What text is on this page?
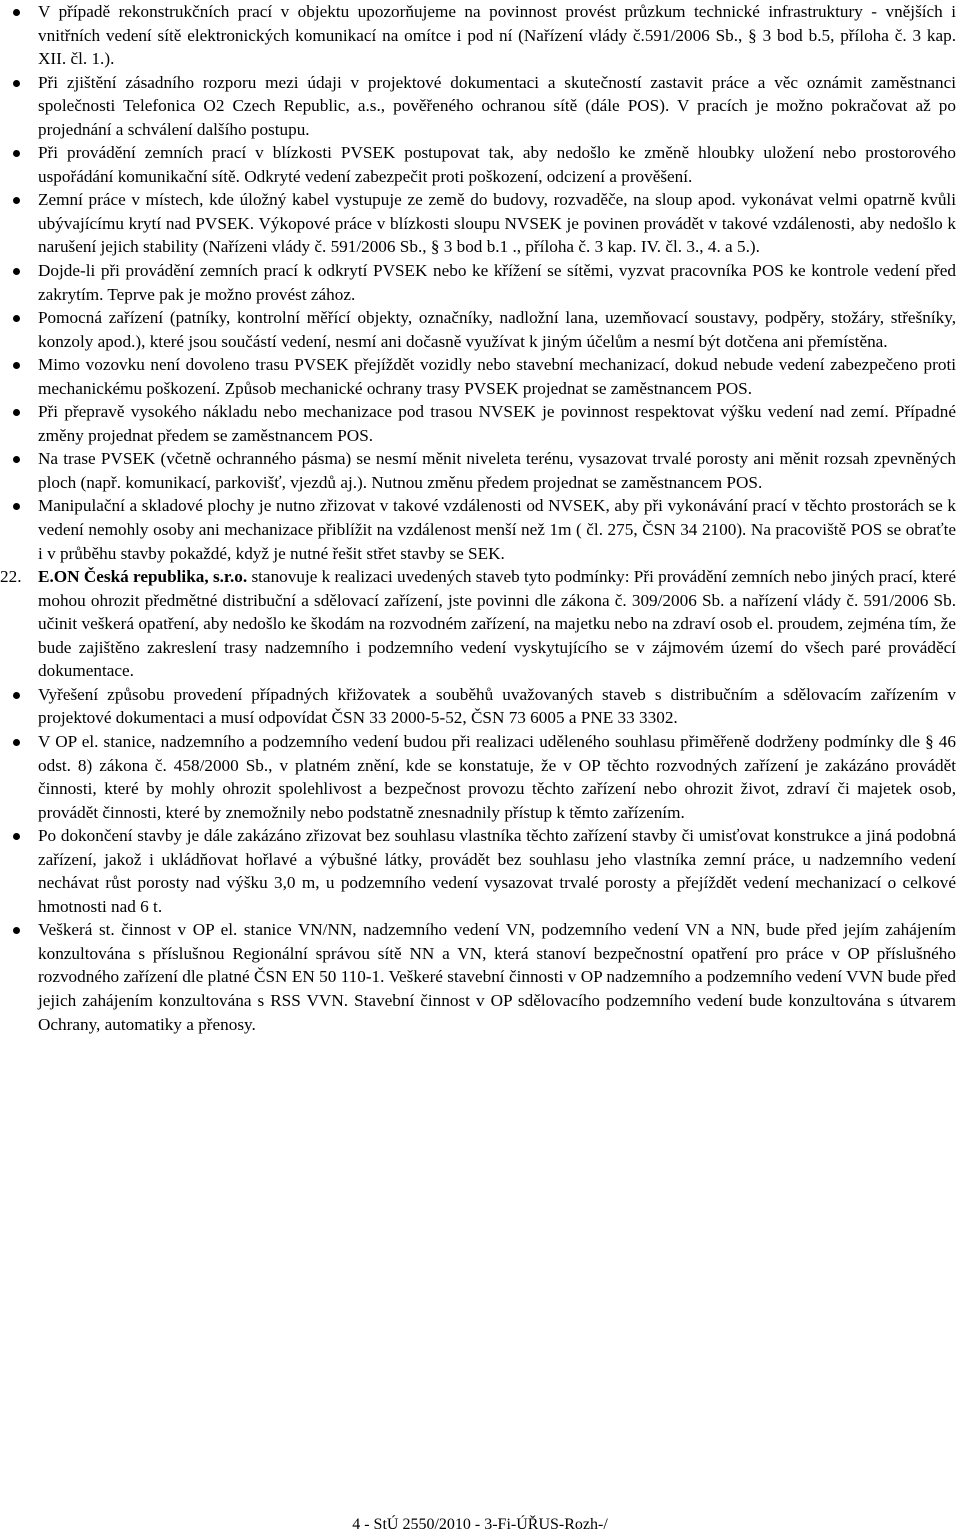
V případě rekonstrukčních prací v objektu upozorňujeme na povinnost provést průzkum technické infrastruktury - vnějších i vnitřních vedení sítě elektronických komunikací na omítce i pod ní (Nařízení vlády č.591/2006 Sb., § 3 bod b.5, příloha č. 3 kap. XII. čl. 1.).

Při zjištění zásadního rozporu mezi údaji v projektové dokumentaci a skutečností zastavit práce a věc oznámit zaměstnanci společnosti Telefonica O2 Czech Republic, a.s., pověřeného ochranou sítě (dále POS). V pracích je možno pokračovat až po projednání a schválení dalšího postupu.

Při provádění zemních prací v blízkosti PVSEK postupovat tak, aby nedošlo ke změně hloubky uložení nebo prostorového uspořádání komunikační sítě. Odkryté vedení zabezpečit proti poškození, odcizení a prověšení.

Zemní práce v místech, kde úložný kabel vystupuje ze země do budovy, rozvaděče, na sloup apod. vykonávat velmi opatrně kvůli ubývajícímu krytí nad PVSEK. Výkopové práce v blízkosti sloupu NVSEK je povinen provádět v takové vzdálenosti, aby nedošlo k narušení jejich stability (Nařízeni vlády č. 591/2006 Sb., § 3 bod b.1 ., příloha č. 3 kap. IV. čl. 3., 4. a 5.).

Dojde-li při provádění zemních prací k odkrytí PVSEK nebo ke křížení se sítěmi, vyzvat pracovníka POS ke kontrole vedení před zakrytím. Teprve pak je možno provést zához.

Pomocná zařízení (patníky, kontrolní měřící objekty, označníky, nadložní lana, uzemňovací soustavy, podpěry, stožáry, střešníky, konzoly apod.), které jsou součástí vedení, nesmí ani dočasně využívat k jiným účelům a nesmí být dotčena ani přemístěna.

Mimo vozovku není dovoleno trasu PVSEK přejíždět vozidly nebo stavební mechanizací, dokud nebude vedení zabezpečeno proti mechanickému poškození. Způsob mechanické ochrany trasy PVSEK projednat se zaměstnancem POS.

Při přepravě vysokého nákladu nebo mechanizace pod trasou NVSEK je povinnost respektovat výšku vedení nad zemí. Případné změny projednat předem se zaměstnancem POS.

Na trase PVSEK (včetně ochranného pásma) se nesmí měnit niveleta terénu, vysazovat trvalé porosty ani měnit rozsah zpevněných ploch (např. komunikací, parkovišť, vjezdů aj.). Nutnou změnu předem projednat se zaměstnancem POS.

Manipulační a skladové plochy je nutno zřizovat v takové vzdálenosti od NVSEK, aby při vykonávání prací v těchto prostorách se k vedení nemohly osoby ani mechanizace přiblížit na vzdálenost menší než 1m ( čl. 275, ČSN 34 2100). Na pracoviště POS se obraťte i v průběhu stavby pokaždé, když je nutné řešit střet stavby se SEK.

22. E.ON Česká republika, s.r.o. stanovuje k realizaci uvedených staveb tyto podmínky: Při provádění zemních nebo jiných prací, které mohou ohrozit předmětné distribuční a sdělovací zařízení, jste povinni dle zákona č. 309/2006 Sb. a nařízení vlády č. 591/2006 Sb. učinit veškerá opatření, aby nedošlo ke škodám na rozvodném zařízení, na majetku nebo na zdraví osob el. proudem, zejména tím, že bude zajištěno zakreslení trasy nadzemního i podzemního vedení vyskytujícího se v zájmovém území do všech paré prováděcí dokumentace.

Vyřešení způsobu provedení případných křižovatek a souběhů uvažovaných staveb s distribučním a sdělovacím zařízením v projektové dokumentaci a musí odpovídat ČSN 33 2000-5-52, ČSN 73 6005 a PNE 33 3302.

V OP el. stanice, nadzemního a podzemního vedení budou při realizaci uděleného souhlasu přiměřeně dodrženy podmínky dle § 46 odst. 8) zákona č. 458/2000 Sb., v platném znění, kde se konstatuje, že v OP těchto rozvodných zařízení je zakázáno provádět činnosti, které by mohly ohrozit spolehlivost a bezpečnost provozu těchto zařízení nebo ohrozit život, zdraví či majetek osob, provádět činnosti, které by znemožnily nebo podstatně znesnadnily přístup k těmto zařízením.

Po dokončení stavby je dále zakázáno zřizovat bez souhlasu vlastníka těchto zařízení stavby či umisťovat konstrukce a jiná podobná zařízení, jakož i ukládňovat hořlavé a výbušné látky, provádět bez souhlasu jeho vlastníka zemní práce, u nadzemního vedení nechávat růst porosty nad výšku 3,0 m, u podzemního vedení vysazovat trvalé porosty a přejíždět vedení mechanizací o celkové hmotnosti nad 6 t.

Veškerá st. činnost v OP el. stanice VN/NN, nadzemního vedení VN, podzemního vedení VN a NN, bude před jejím zahájením konzultována s příslušnou Regionální správou sítě NN a VN, která stanoví bezpečnostní opatření pro práce v OP příslušného rozvodného zařízení dle platné ČSN EN 50 110-1. Veškeré stavební činnosti v OP nadzemního a podzemního vedení VVN bude před jejich zahájením konzultována s RSS VVN. Stavební činnost v OP sdělovacího podzemního vedení bude konzultována s útvarem Ochrany, automatiky a přenosy.

4 - StÚ 2550/2010 - 3-Fi-ÚŘUS-Rozh-/
